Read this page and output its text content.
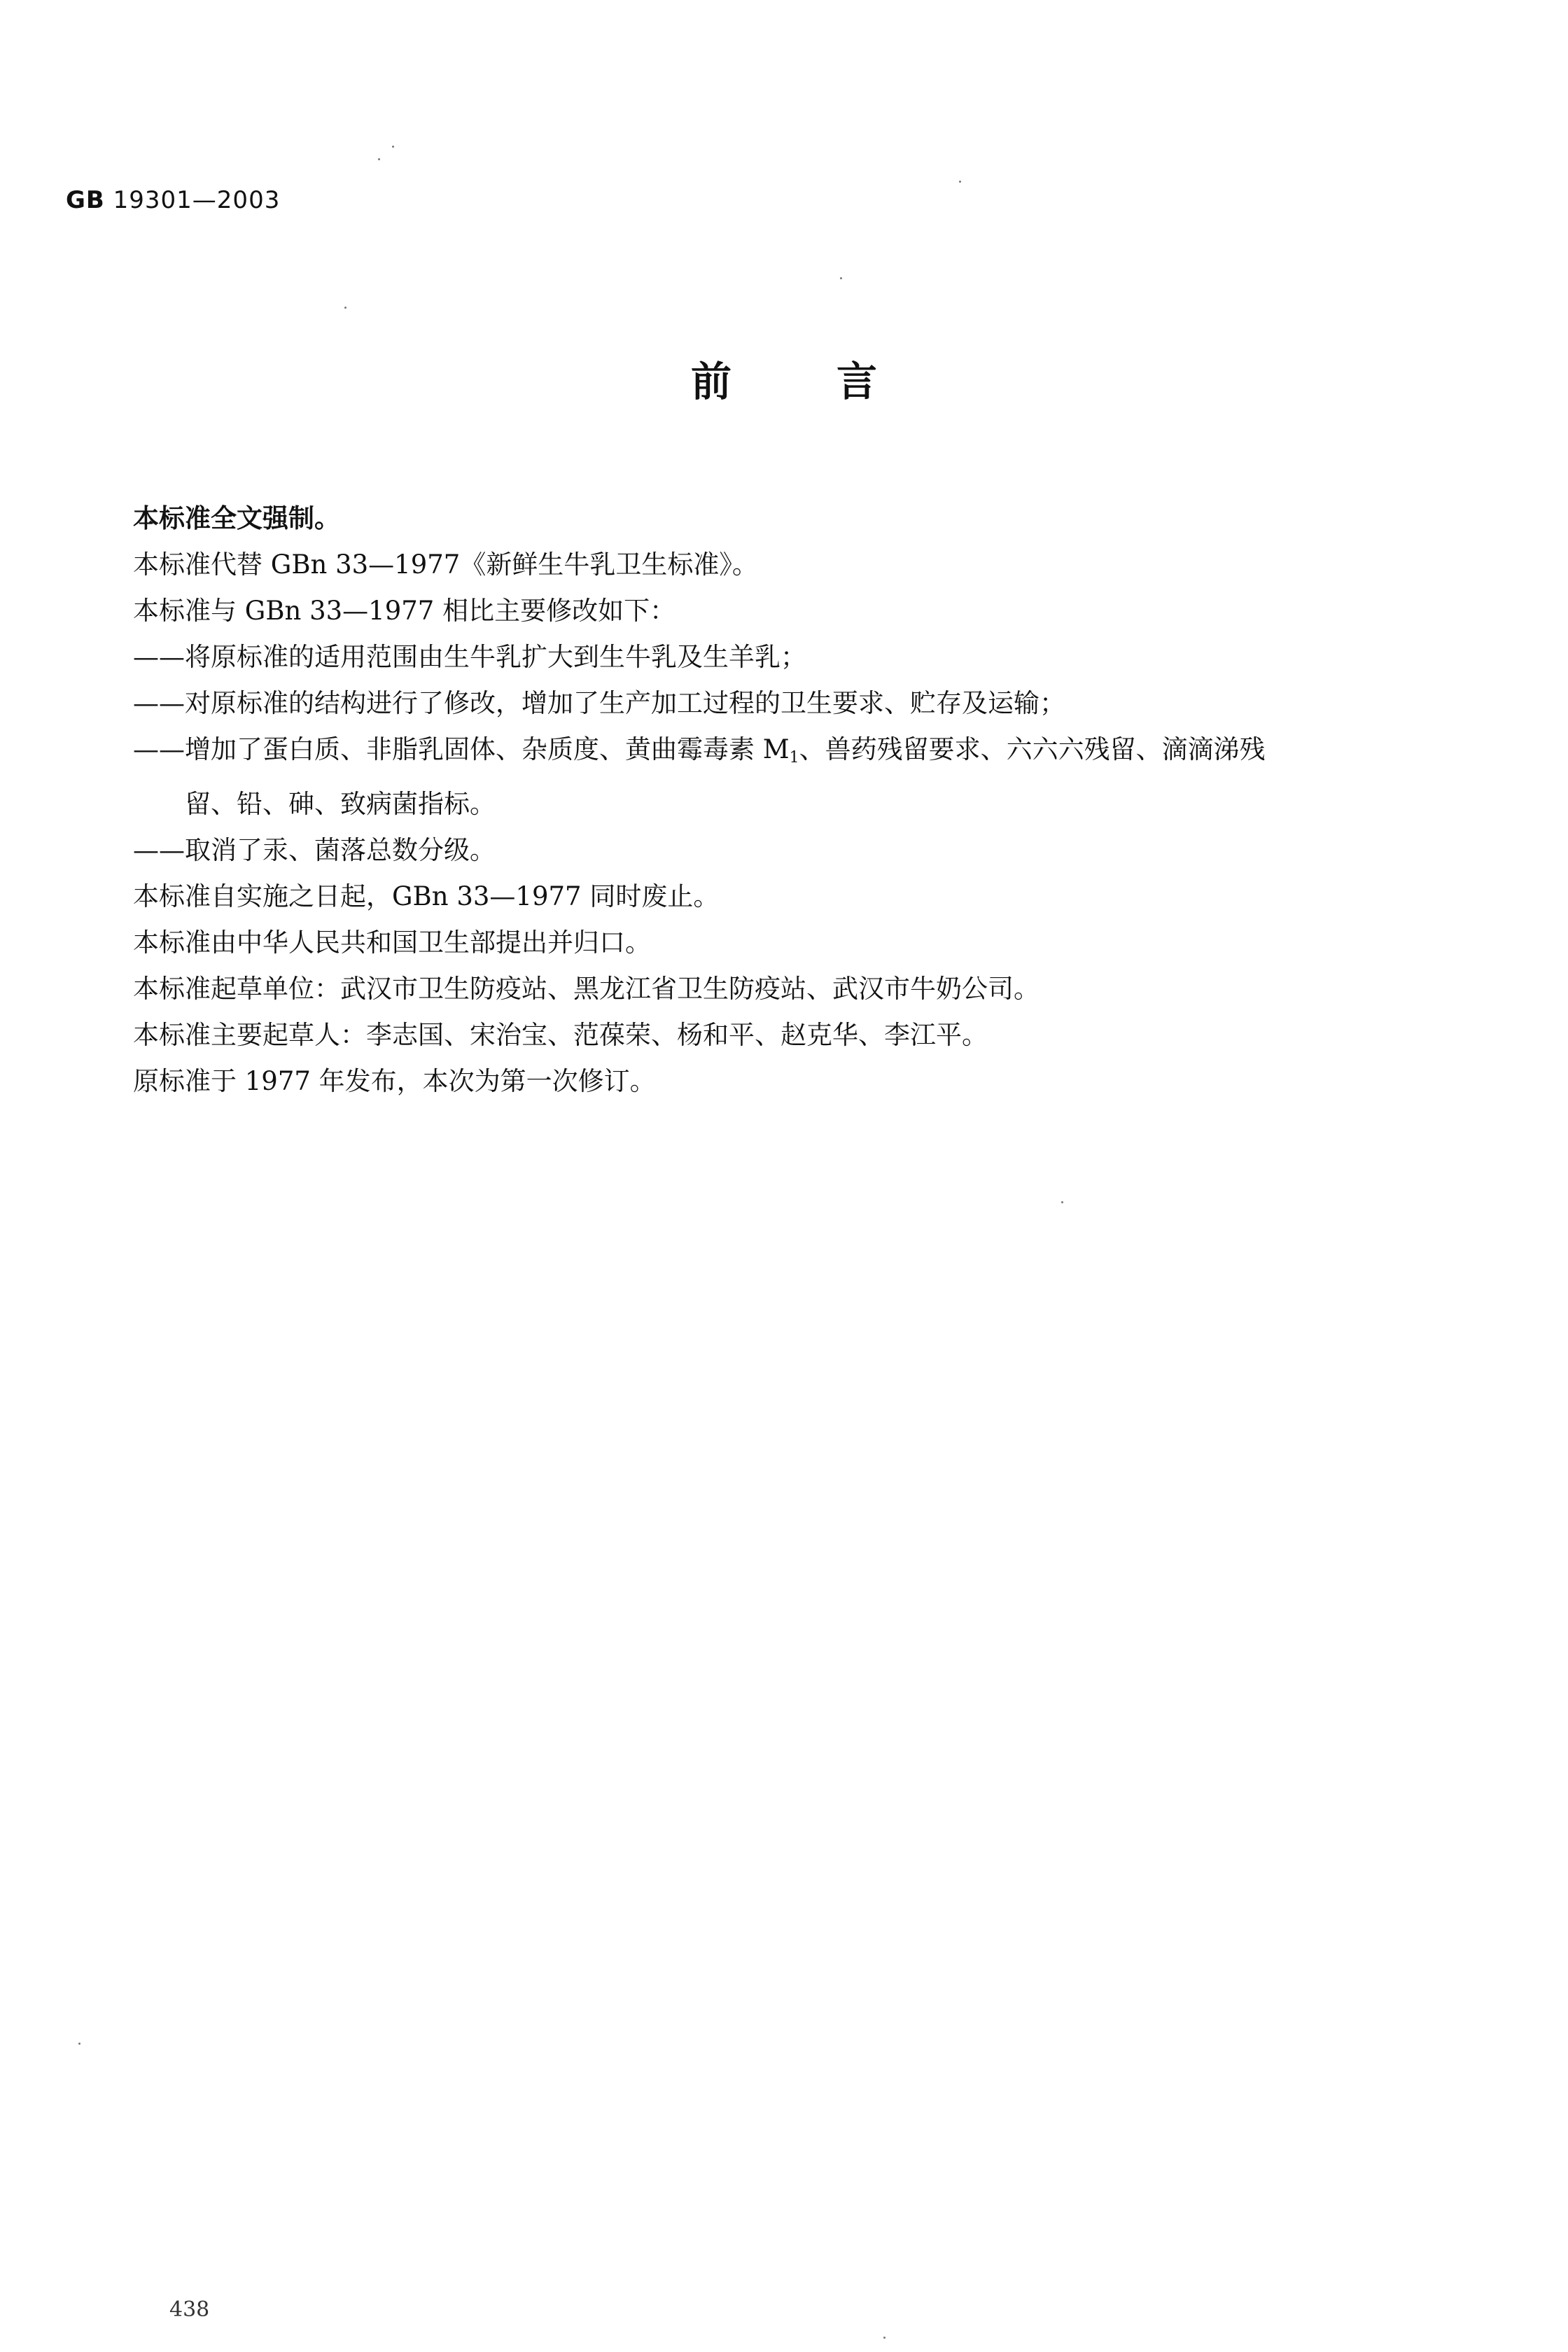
GB 19301—2003
前言
本标准全文强制。
本标准代替 GBn 33—1977《新鲜生牛乳卫生标准》。
本标准与 GBn 33—1977 相比主要修改如下：
——将原标准的适用范围由生牛乳扩大到生牛乳及生羊乳；
——对原标准的结构进行了修改，增加了生产加工过程的卫生要求、贮存及运输；
——增加了蛋白质、非脂乳固体、杂质度、黄曲霉毒素 $M_1$、兽药残留要求、六六六残留、滴滴涕残
留、铅、砷、致病菌指标。
——取消了汞、菌落总数分级。
本标准自实施之日起，GBn 33—1977 同时废止。
本标准由中华人民共和国卫生部提出并归口。
本标准起草单位：武汉市卫生防疫站、黑龙江省卫生防疫站、武汉市牛奶公司。
本标准主要起草人：李志国、宋治宝、范葆荣、杨和平、赵克华、李江平。
原标准于 1977 年发布，本次为第一次修订。
438
